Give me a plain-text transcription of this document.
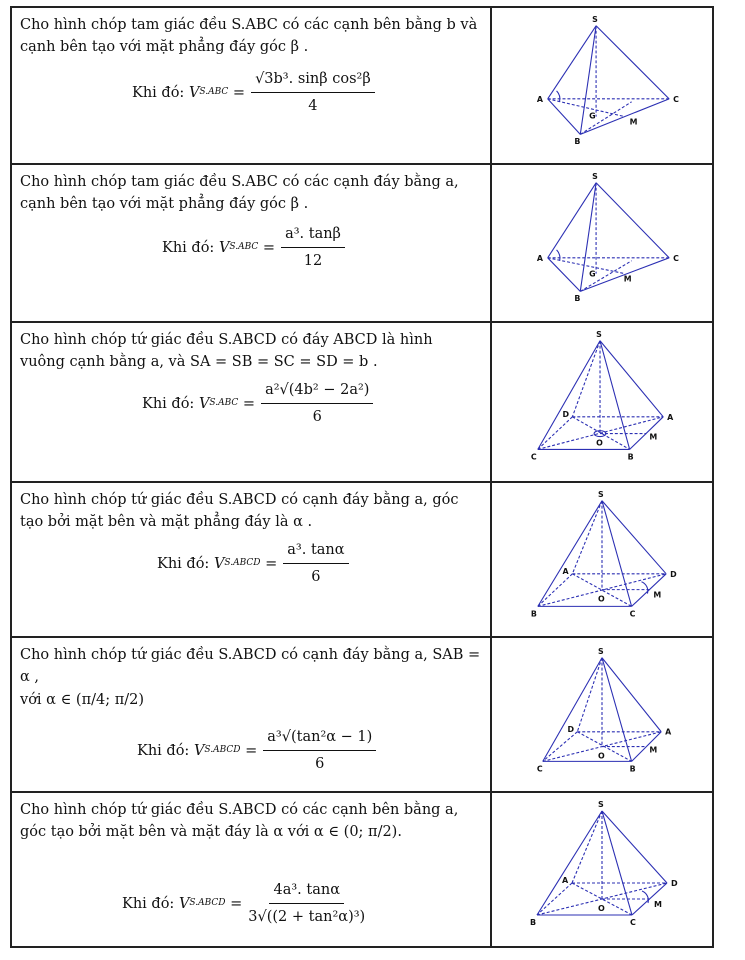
Cho hình chóp tam giác đều S.ABC có các cạnh bên bằng b và cạnh bên tạo với mặt phẳng đáy góc β .
Khi đó:
V $S.ABC = \frac{\text{√3b³. sinβ cos²β}}{4}$
S
A
B
C
G
M
Cho hình chóp tam giác đều S.ABC có các cạnh đáy bằng a, cạnh bên tạo với mặt phẳng đáy góc β .
Khi đó:
V $S.ABC = \frac{\text{a³. tanβ}}{12}$
S
A
B
C
G
M
Cho hình chóp tứ giác đều S.ABCD có đáy ABCD là hình vuông cạnh bằng a, và SA = SB = SC = SD = b .
Khi đó:
V $S.ABC = \frac{\text{a²√(4b² − 2a²)}}{6}$
S
D	A
O
M
C	B
Cho hình chóp tứ giác đều S.ABCD có cạnh đáy bằng a, góc tạo bởi mặt bên và mặt phẳng đáy là α .
Khi đó:
V S.ABCD = $\frac{\text{a³. tanα}}{6}$
S
A	D
O	M
B	C
Cho hình chóp tứ giác đều S.ABCD có cạnh đáy bằng a, SAB = α ,
với α ∈ (π/4; π/2)
Khi đó:
V S.ABCD = $\frac{\text{a³√(tan²α − 1)}}{6}$
S
D	A
O
M
C	B
Cho hình chóp tứ giác đều S.ABCD có các cạnh bên bằng a, góc tạo bởi mặt bên và mặt đáy là α với α ∈ (0; π/2).
Khi đó:
V S.ABCD = $\frac{\text{4a³. tanα}}{\text{3√((2 + tan²α)³)}}$
S
A	D
O	M
B	C
